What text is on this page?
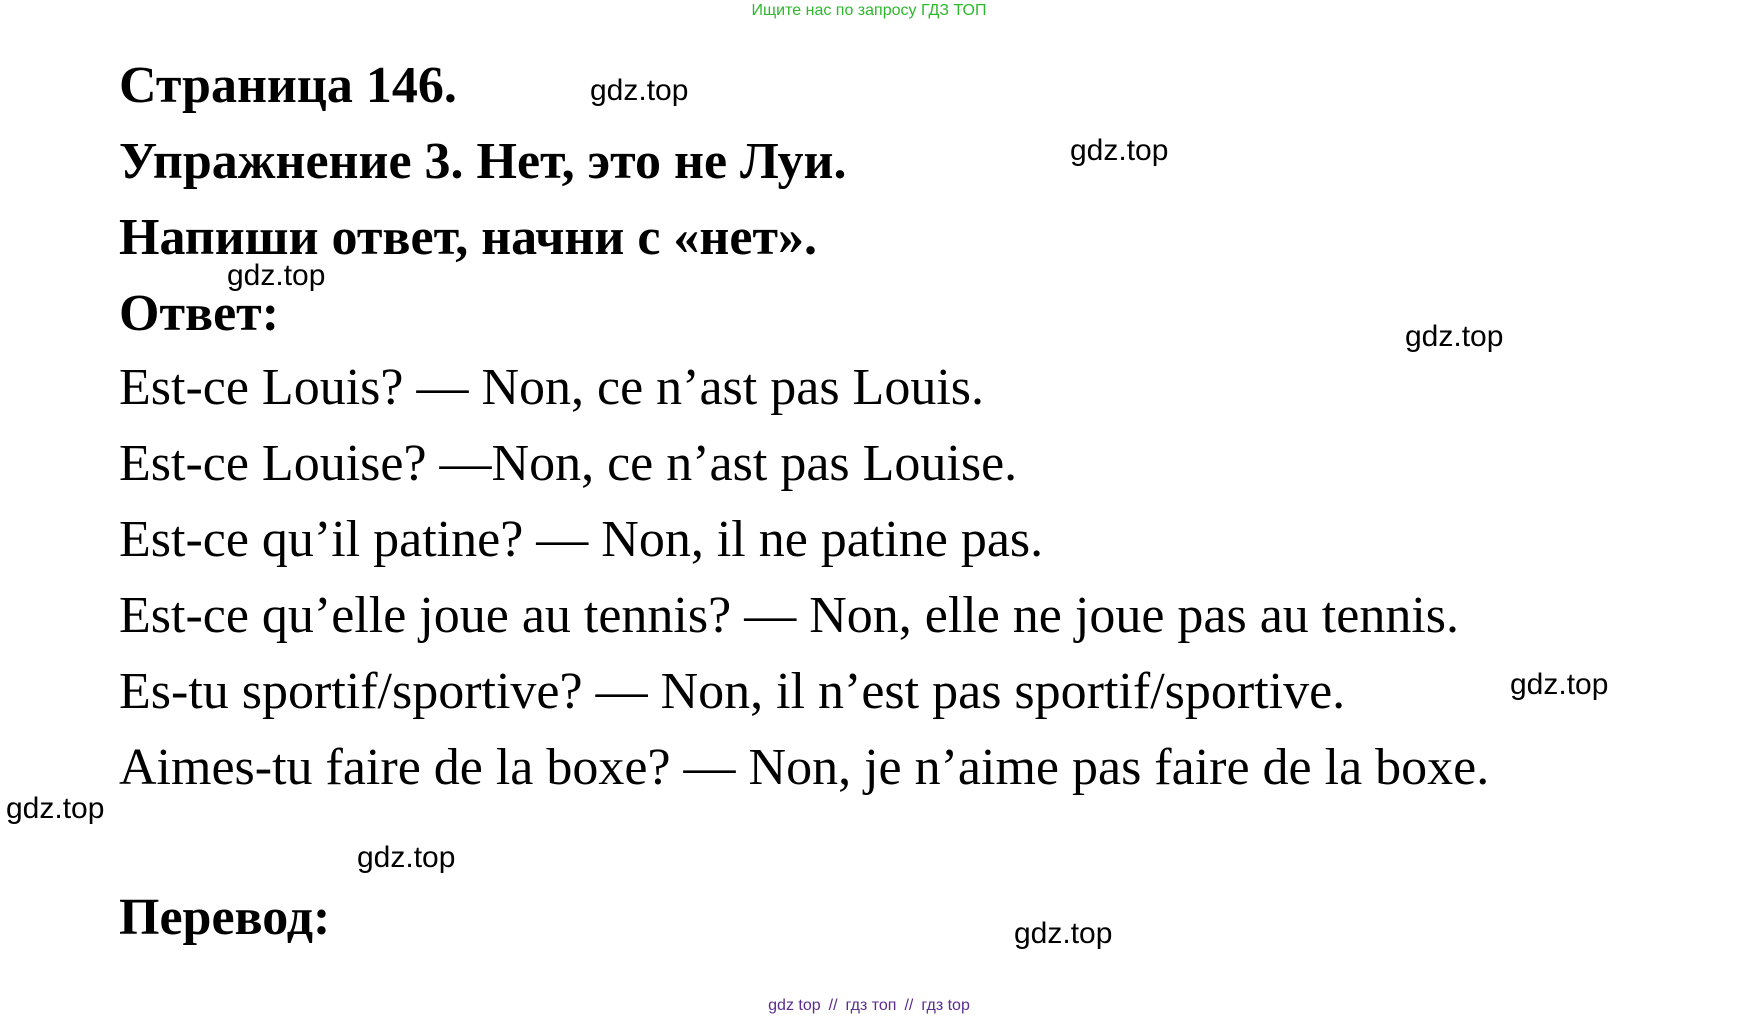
Ищите нас по запросу ГДЗ ТОП
Страница 146.
Упражнение 3. Нет, это не Луи.
Напиши ответ, начни с «нет».
Ответ:
Est-ce Louis? — Non, ce n’ast pas Louis.
Est-ce Louise? —Non, ce n’ast pas Louise.
Est-ce qu’il patine? — Non, il ne patine pas.
Est-ce qu’elle joue au tennis? — Non, elle ne joue pas au tennis.
Es-tu sportif/sportive? — Non, il n’est pas sportif/sportive.
Aimes-tu faire de la boxe? — Non, je n’aime pas faire de la boxe.
Перевод:
gdz.top
gdz.top
gdz.top
gdz.top
gdz.top
gdz.top
gdz.top
gdz.top
gdz top // гдз топ // гдз top
